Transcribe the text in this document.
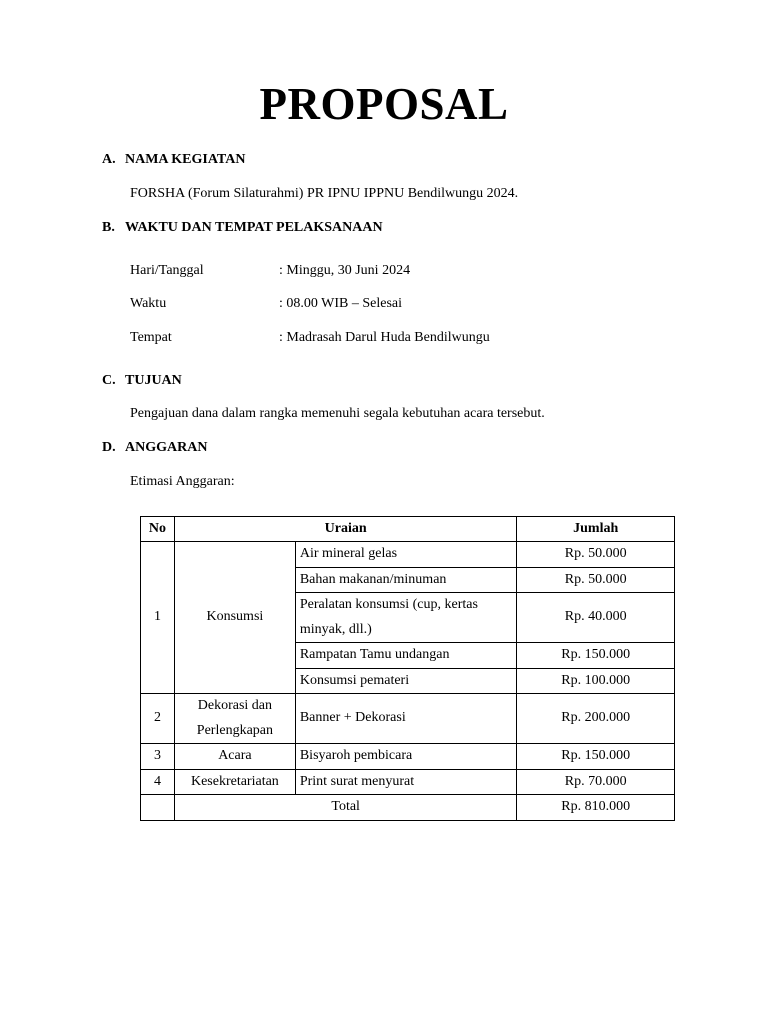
PROPOSAL
A. NAMA KEGIATAN
FORSHA (Forum Silaturahmi) PR IPNU IPPNU Bendilwungu 2024.
B. WAKTU DAN TEMPAT PELAKSANAAN
Hari/Tanggal	: Minggu, 30 Juni 2024
Waktu	: 08.00 WIB – Selesai
Tempat	: Madrasah Darul Huda Bendilwungu
C. TUJUAN
Pengajuan dana dalam rangka memenuhi segala kebutuhan acara tersebut.
D. ANGGARAN
Etimasi Anggaran:
No	Uraian		Jumlah
1	Konsumsi	Air mineral gelas	Rp. 50.000
		Bahan makanan/minuman	Rp. 50.000
		Peralatan konsumsi (cup, kertas minyak, dll.)	Rp. 40.000
		Rampatan Tamu undangan	Rp. 150.000
		Konsumsi pemateri	Rp. 100.000
2	Dekorasi dan Perlengkapan	Banner + Dekorasi	Rp. 200.000
3	Acara	Bisyaroh pembicara	Rp. 150.000
4	Kesekretariatan	Print surat menyurat	Rp. 70.000
	Total		Rp. 810.000
